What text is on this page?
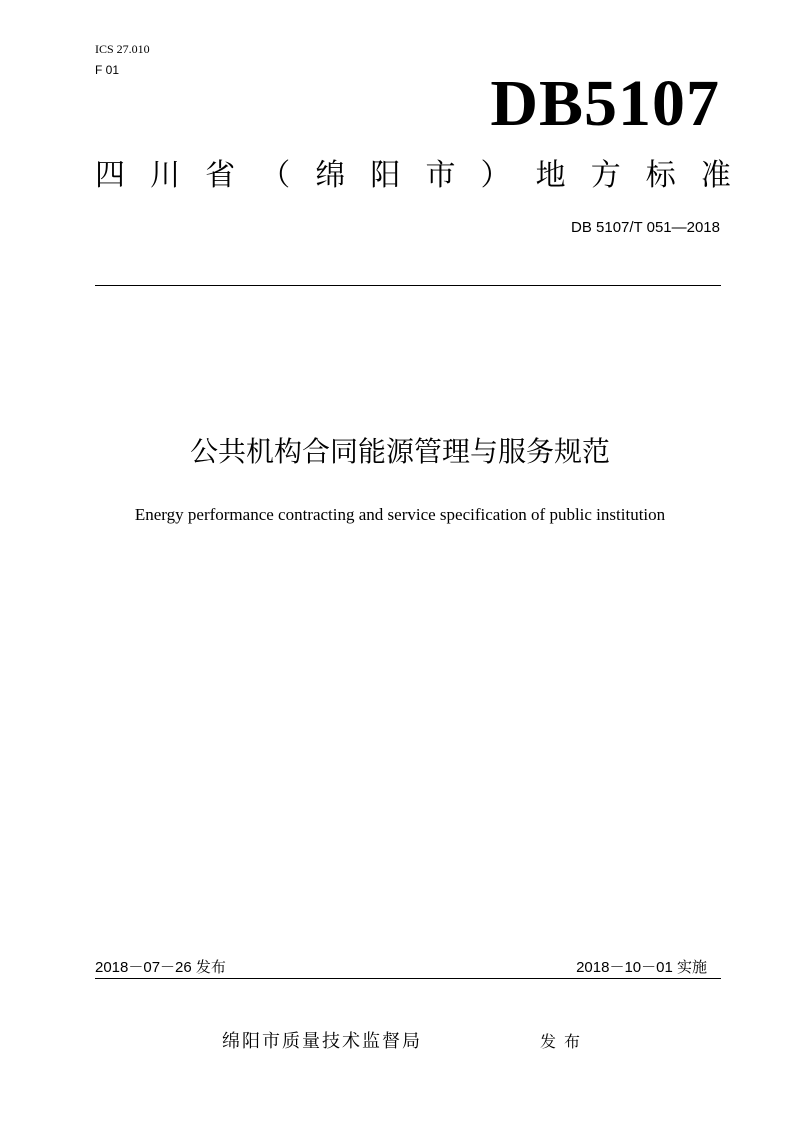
ICS 27.010
F 01	DB5107
四 川 省 （ 绵 阳 市 ） 地 方 标 准
DB 5107/T 051—2018
公共机构合同能源管理与服务规范
Energy performance contracting and service specification of public institution
2018－07－26 发布	2018－10－01 实施
绵阳市质量技术监督局	发布
